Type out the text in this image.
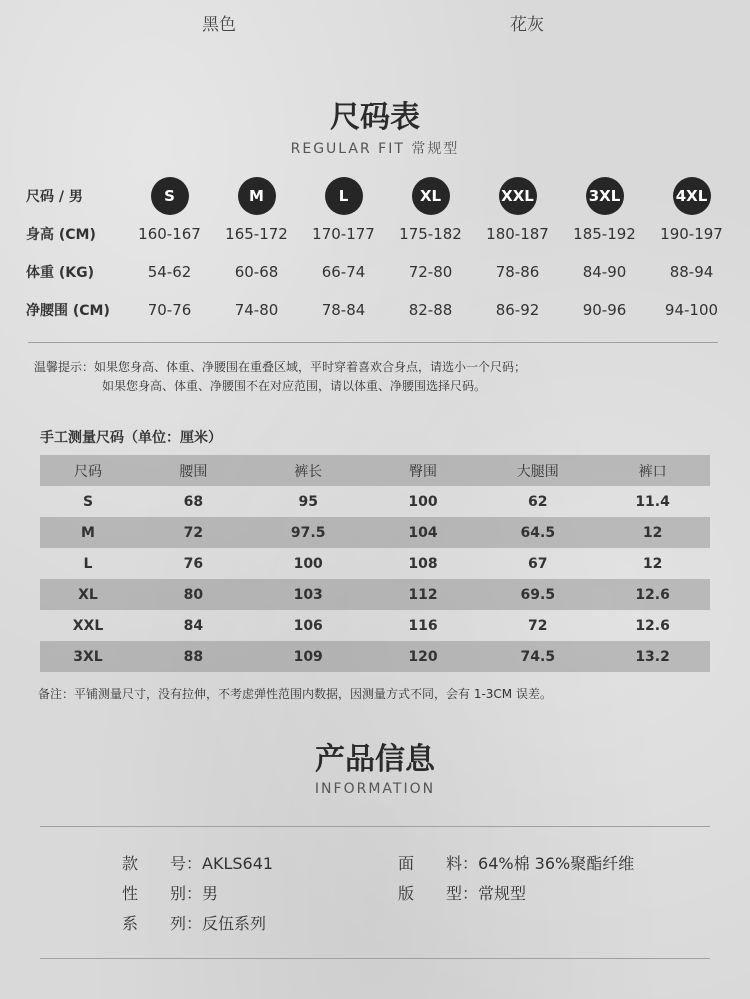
黑色	花灰
尺码表
REGULAR FIT 常规型
尺码 / 男	S	M	L	XL	XXL	3XL	4XL
身高 (CM)	160-167	165-172	170-177	175-182	180-187	185-192	190-197
体重 (KG)	54-62	60-68	66-74	72-80	78-86	84-90	88-94
净腰围 (CM)	70-76	74-80	78-84	82-88	86-92	90-96	94-100
温馨提示：如果您身高、体重、净腰围在重叠区域，平时穿着喜欢合身点，请选小一个尺码；
如果您身高、体重、净腰围不在对应范围，请以体重、净腰围选择尺码。
手工测量尺码（单位：厘米）
尺码	腰围	裤长	臀围	大腿围	裤口
S	68	95	100	62	11.4
M	72	97.5	104	64.5	12
L	76	100	108	67	12
XL	80	103	112	69.5	12.6
XXL	84	106	116	72	12.6
3XL	88	109	120	74.5	13.2
备注：平铺测量尺寸，没有拉伸，不考虑弹性范围内数据，因测量方式不同，会有 1-3CM 误差。
产品信息
INFORMATION
款　　号：AKLS641	面　　料：64%棉 36%聚酯纤维
性　　别：男	版　　型：常规型
系　　列：反伍系列
